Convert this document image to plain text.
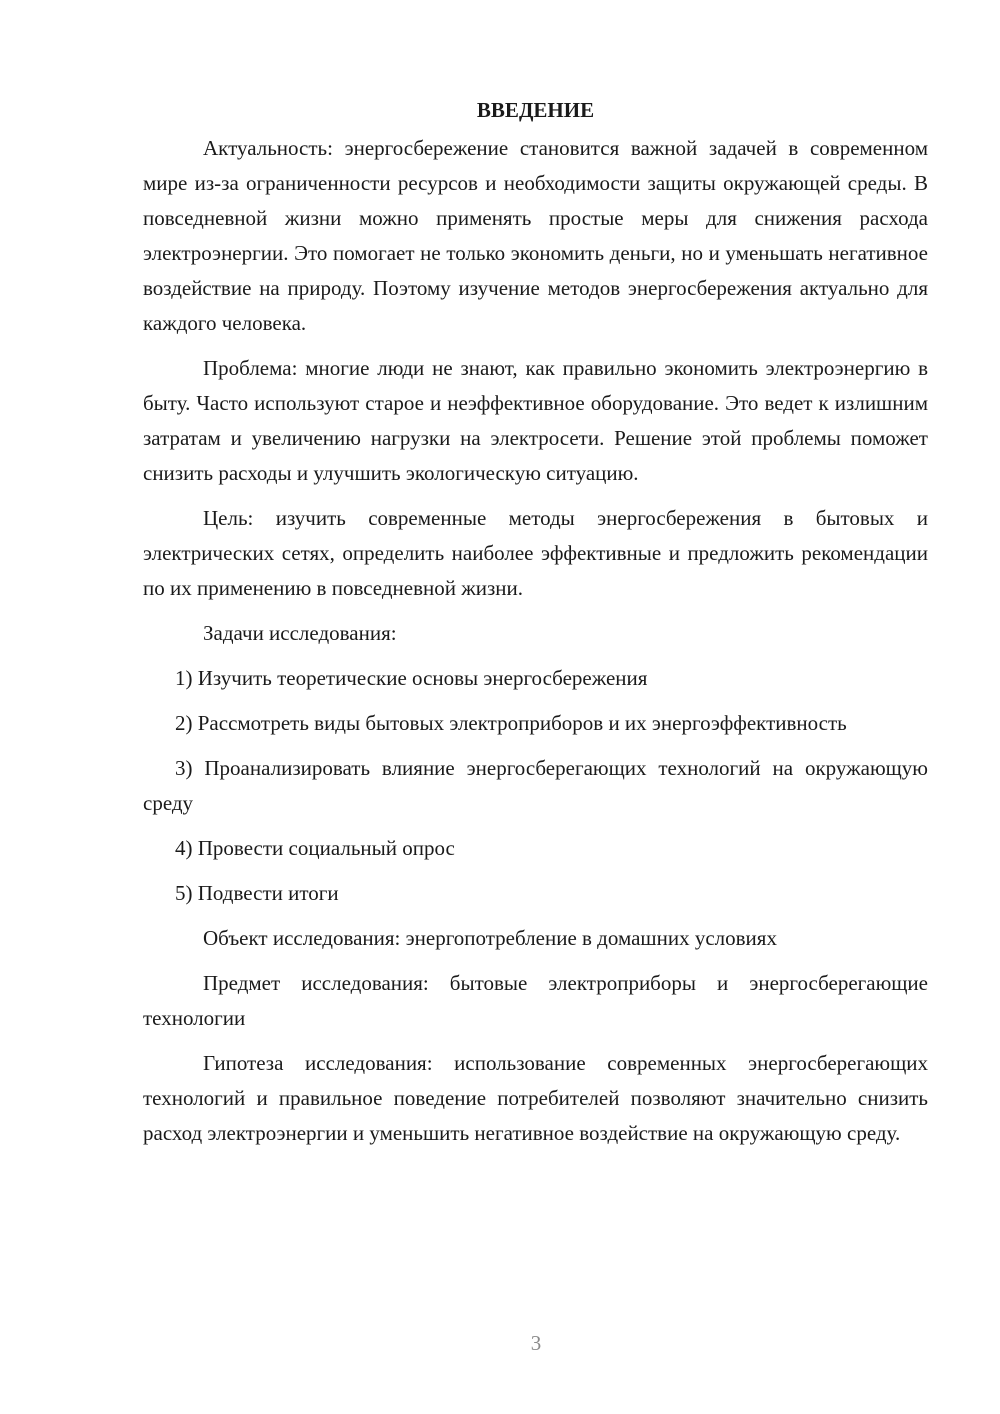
ВВЕДЕНИЕ

Актуальность: энергосбережение становится важной задачей в современном мире из-за ограниченности ресурсов и необходимости защиты окружающей среды. В повседневной жизни можно применять простые меры для снижения расхода электроэнергии. Это помогает не только экономить деньги, но и уменьшать негативное воздействие на природу. Поэтому изучение методов энергосбережения актуально для каждого человека.

Проблема: многие люди не знают, как правильно экономить электроэнергию в быту. Часто используют старое и неэффективное оборудование. Это ведет к излишним затратам и увеличению нагрузки на электросети. Решение этой проблемы поможет снизить расходы и улучшить экологическую ситуацию.

Цель: изучить современные методы энергосбережения в бытовых и электрических сетях, определить наиболее эффективные и предложить рекомендации по их применению в повседневной жизни.

Задачи исследования:

1) Изучить теоретические основы энергосбережения

2) Рассмотреть виды бытовых электроприборов и их энергоэффективность

3) Проанализировать влияние энергосберегающих технологий на окружающую среду

4) Провести социальный опрос

5) Подвести итоги

Объект исследования: энергопотребление в домашних условиях

Предмет исследования: бытовые электроприборы и энергосберегающие технологии

Гипотеза исследования: использование современных энергосберегающих технологий и правильное поведение потребителей позволяют значительно снизить расход электроэнергии и уменьшить негативное воздействие на окружающую среду.

3
